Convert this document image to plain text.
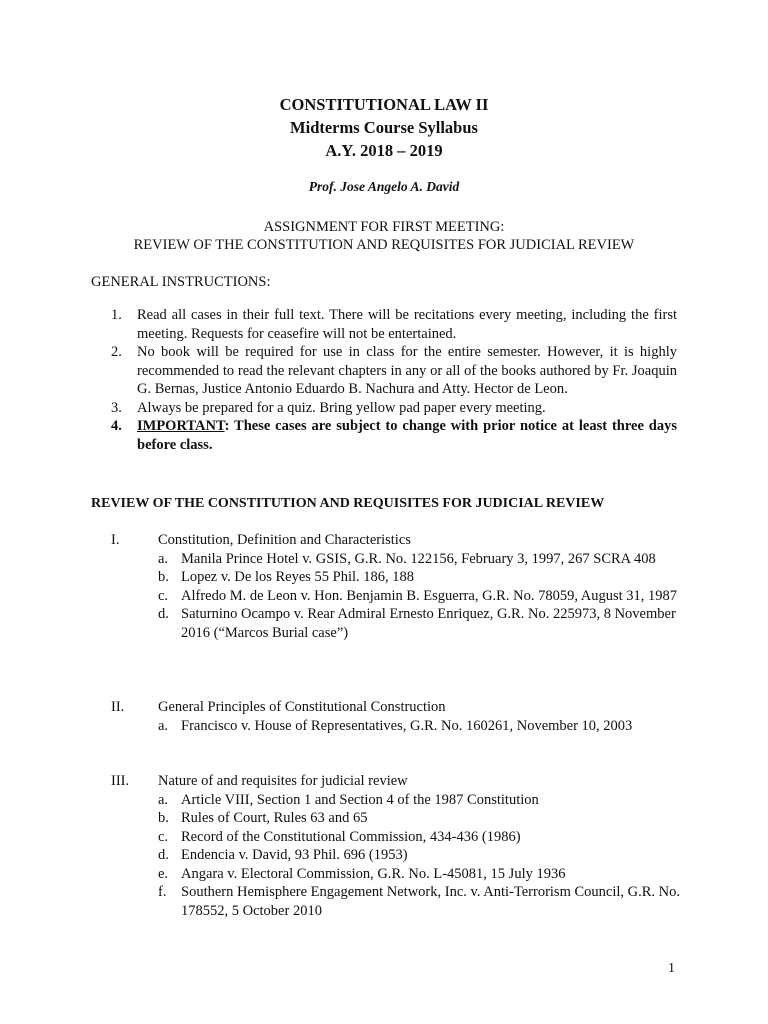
CONSTITUTIONAL LAW II
Midterms Course Syllabus
A.Y. 2018 – 2019
Prof. Jose Angelo A. David
ASSIGNMENT FOR FIRST MEETING:
REVIEW OF THE CONSTITUTION AND REQUISITES FOR JUDICIAL REVIEW
GENERAL INSTRUCTIONS:
1. Read all cases in their full text. There will be recitations every meeting, including the first meeting. Requests for ceasefire will not be entertained.
2. No book will be required for use in class for the entire semester. However, it is highly recommended to read the relevant chapters in any or all of the books authored by Fr. Joaquin G. Bernas, Justice Antonio Eduardo B. Nachura and Atty. Hector de Leon.
3. Always be prepared for a quiz. Bring yellow pad paper every meeting.
4. IMPORTANT: These cases are subject to change with prior notice at least three days before class.
REVIEW OF THE CONSTITUTION AND REQUISITES FOR JUDICIAL REVIEW
I.	Constitution, Definition and Characteristics
a. Manila Prince Hotel v. GSIS, G.R. No. 122156, February 3, 1997, 267 SCRA 408
b. Lopez v. De los Reyes 55 Phil. 186, 188
c. Alfredo M. de Leon v. Hon. Benjamin B. Esguerra, G.R. No. 78059, August 31, 1987
d. Saturnino Ocampo v. Rear Admiral Ernesto Enriquez, G.R. No. 225973, 8 November 2016 (“Marcos Burial case”)
II. General Principles of Constitutional Construction
a. Francisco v. House of Representatives, G.R. No. 160261, November 10, 2003
III. Nature of and requisites for judicial review
a. Article VIII, Section 1 and Section 4 of the 1987 Constitution
b. Rules of Court, Rules 63 and 65
c. Record of the Constitutional Commission, 434-436 (1986)
d. Endencia v. David, 93 Phil. 696 (1953)
e. Angara v. Electoral Commission, G.R. No. L-45081, 15 July 1936
f. Southern Hemisphere Engagement Network, Inc. v. Anti-Terrorism Council, G.R. No. 178552, 5 October 2010
1
